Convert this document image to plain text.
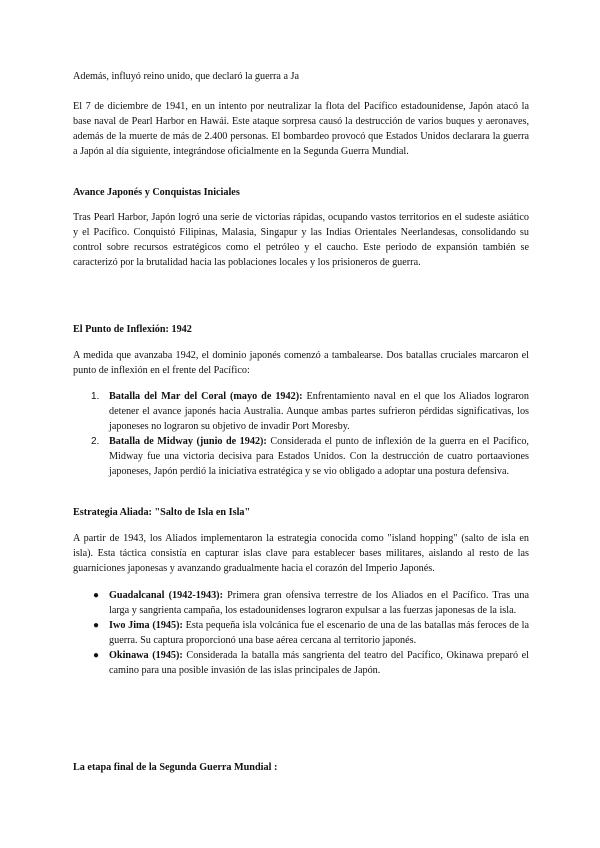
Además, influyó reino unido, que declaró la guerra a Ja

El 7 de diciembre de 1941, en un intento por neutralizar la flota del Pacífico estadounidense, Japón atacó la base naval de Pearl Harbor en Hawái. Este ataque sorpresa causó la destrucción de varios buques y aeronaves, además de la muerte de más de 2.400 personas. El bombardeo provocó que Estados Unidos declarara la guerra a Japón al día siguiente, integrándose oficialmente en la Segunda Guerra Mundial.

Avance Japonés y Conquistas Iniciales

Tras Pearl Harbor, Japón logró una serie de victorias rápidas, ocupando vastos territorios en el sudeste asiático y el Pacífico. Conquistó Filipinas, Malasia, Singapur y las Indias Orientales Neerlandesas, consolidando su control sobre recursos estratégicos como el petróleo y el caucho. Este periodo de expansión también se caracterizó por la brutalidad hacia las poblaciones locales y los prisioneros de guerra.

El Punto de Inflexión: 1942

A medida que avanzaba 1942, el dominio japonés comenzó a tambalearse. Dos batallas cruciales marcaron el punto de inflexión en el frente del Pacífico:

1. Batalla del Mar del Coral (mayo de 1942): Enfrentamiento naval en el que los Aliados lograron detener el avance japonés hacia Australia. Aunque ambas partes sufrieron pérdidas significativas, los japoneses no lograron su objetivo de invadir Port Moresby.
2. Batalla de Midway (junio de 1942): Considerada el punto de inflexión de la guerra en el Pacífico, Midway fue una victoria decisiva para Estados Unidos. Con la destrucción de cuatro portaaviones japoneses, Japón perdió la iniciativa estratégica y se vio obligado a adoptar una postura defensiva.

Estrategia Aliada: "Salto de Isla en Isla"

A partir de 1943, los Aliados implementaron la estrategia conocida como "island hopping" (salto de isla en isla). Esta táctica consistía en capturar islas clave para establecer bases militares, aislando al resto de las guarniciones japonesas y avanzando gradualmente hacia el corazón del Imperio Japonés.

● Guadalcanal (1942-1943): Primera gran ofensiva terrestre de los Aliados en el Pacífico. Tras una larga y sangrienta campaña, los estadounidenses lograron expulsar a las fuerzas japonesas de la isla.
● Iwo Jima (1945): Esta pequeña isla volcánica fue el escenario de una de las batallas más feroces de la guerra. Su captura proporcionó una base aérea cercana al territorio japonés.
● Okinawa (1945): Considerada la batalla más sangrienta del teatro del Pacífico, Okinawa preparó el camino para una posible invasión de las islas principales de Japón.

La etapa final de la Segunda Guerra Mundial :
